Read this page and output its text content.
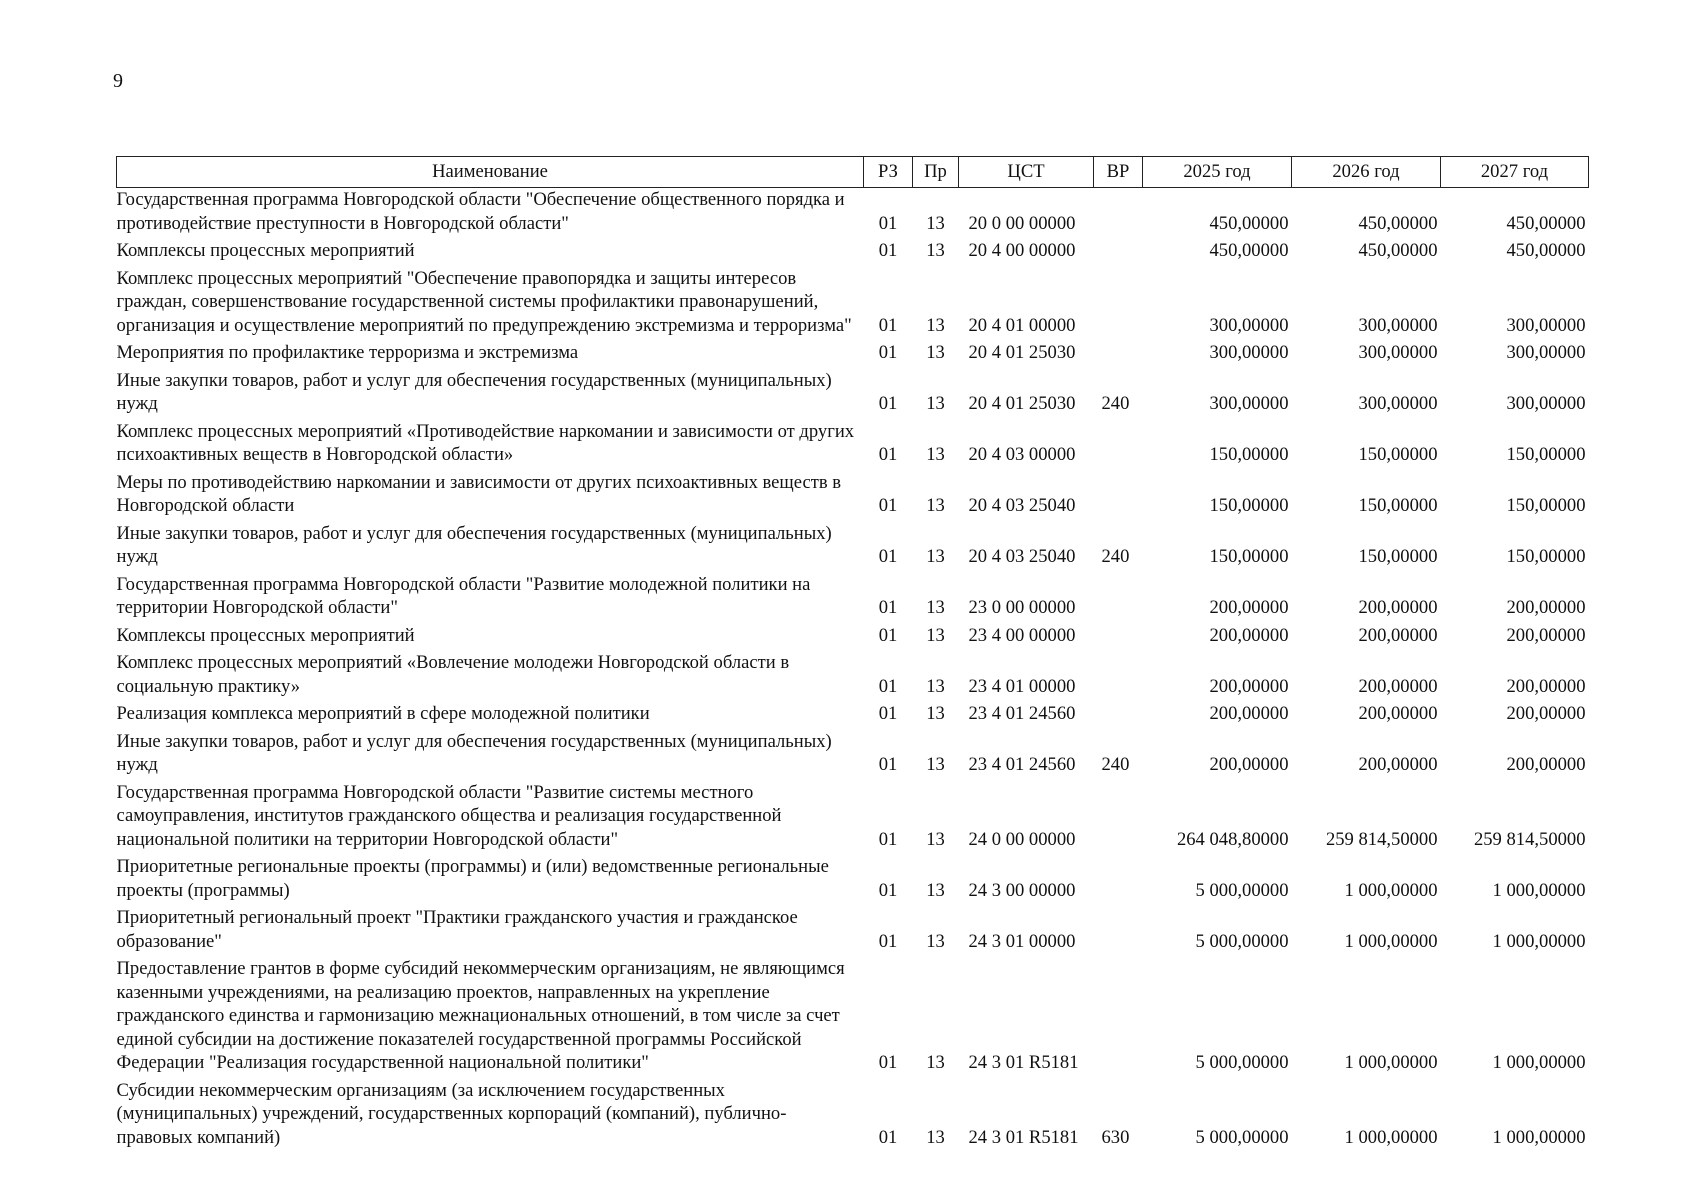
9
Наименование	РЗ	Пр	ЦСТ	ВР	2025 год	2026 год	2027 год
Государственная программа Новгородской области "Обеспечение общественного порядка и противодействие преступности в Новгородской области"	01	13	20 0 00 00000		450,00000	450,00000	450,00000
Комплексы процессных мероприятий	01	13	20 4 00 00000		450,00000	450,00000	450,00000
Комплекс процессных мероприятий "Обеспечение правопорядка и защиты интересов граждан, совершенствование государственной системы профилактики правонарушений, организация и осуществление мероприятий по предупреждению экстремизма и терроризма"	01	13	20 4 01 00000		300,00000	300,00000	300,00000
Мероприятия по профилактике терроризма и экстремизма	01	13	20 4 01 25030		300,00000	300,00000	300,00000
Иные закупки товаров, работ и услуг для обеспечения государственных (муниципальных) нужд	01	13	20 4 01 25030	240	300,00000	300,00000	300,00000
Комплекс процессных мероприятий «Противодействие наркомании и зависимости от других психоактивных веществ в Новгородской области»	01	13	20 4 03 00000		150,00000	150,00000	150,00000
Меры по противодействию наркомании и зависимости от других психоактивных веществ в Новгородской области	01	13	20 4 03 25040		150,00000	150,00000	150,00000
Иные закупки товаров, работ и услуг для обеспечения государственных (муниципальных) нужд	01	13	20 4 03 25040	240	150,00000	150,00000	150,00000
Государственная программа Новгородской области "Развитие молодежной политики на территории Новгородской области"	01	13	23 0 00 00000		200,00000	200,00000	200,00000
Комплексы процессных мероприятий	01	13	23 4 00 00000		200,00000	200,00000	200,00000
Комплекс процессных мероприятий «Вовлечение молодежи Новгородской области в социальную практику»	01	13	23 4 01 00000		200,00000	200,00000	200,00000
Реализация комплекса мероприятий в сфере молодежной политики	01	13	23 4 01 24560		200,00000	200,00000	200,00000
Иные закупки товаров, работ и услуг для обеспечения государственных (муниципальных) нужд	01	13	23 4 01 24560	240	200,00000	200,00000	200,00000
Государственная программа Новгородской области "Развитие системы местного самоуправления, институтов гражданского общества и реализация государственной национальной политики на территории Новгородской области"	01	13	24 0 00 00000		264 048,80000	259 814,50000	259 814,50000
Приоритетные региональные проекты (программы) и (или) ведомственные региональные проекты (программы)	01	13	24 3 00 00000		5 000,00000	1 000,00000	1 000,00000
Приоритетный региональный проект "Практики гражданского участия и гражданское образование"	01	13	24 3 01 00000		5 000,00000	1 000,00000	1 000,00000
Предоставление грантов в форме субсидий некоммерческим организациям, не являющимся казенными учреждениями, на реализацию проектов, направленных на укрепление гражданского единства и гармонизацию межнациональных отношений, в том числе за счет единой субсидии на достижение показателей государственной программы Российской Федерации "Реализация государственной национальной политики"	01	13	24 3 01 R5181		5 000,00000	1 000,00000	1 000,00000
Субсидии некоммерческим организациям (за исключением государственных (муниципальных) учреждений, государственных корпораций (компаний), публично-правовых компаний)	01	13	24 3 01 R5181	630	5 000,00000	1 000,00000	1 000,00000
